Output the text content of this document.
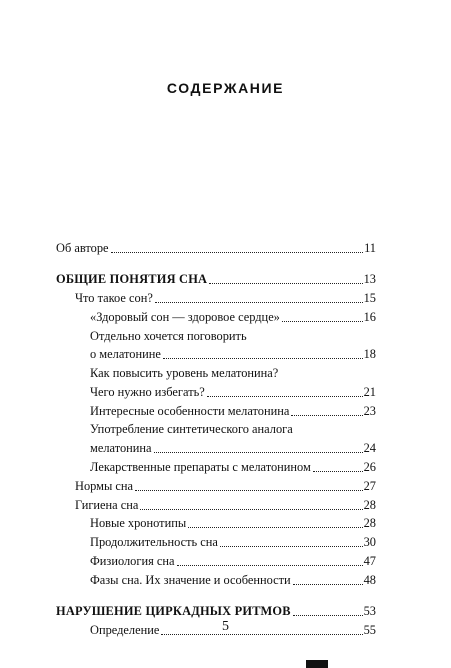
СОДЕРЖАНИЕ
Об авторе	11
ОБЩИЕ ПОНЯТИЯ СНА	13
Что такое сон?	15
«Здоровый сон — здоровое сердце»	16
Отдельно хочется поговорить
о мелатонине	18
Как повысить уровень мелатонина?
Чего нужно избегать?	21
Интересные особенности мелатонина	23
Употребление синтетического аналога
мелатонина	24
Лекарственные препараты с мелатонином	26
Нормы сна	27
Гигиена сна	28
Новые хронотипы	28
Продолжительность сна	30
Физиология сна	47
Фазы сна. Их значение и особенности	48
НАРУШЕНИЕ ЦИРКАДНЫХ РИТМОВ	53
Определение	55
5
